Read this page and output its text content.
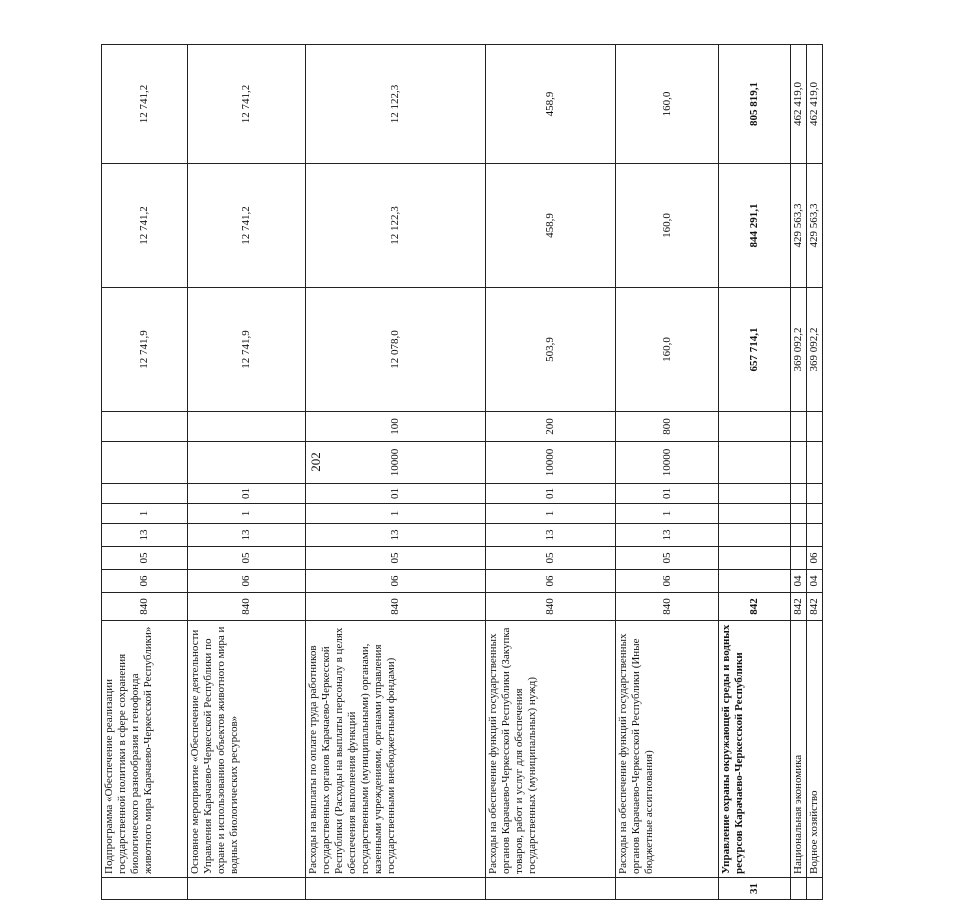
202
	Подпрограмма «Обеспечение реализации государственной политики в сфере сохранения биологического разнообразия и генофонда животного мира Карачаево-Черкесской Республики»	840	06	05	13	1				12 741,9	12 741,2	12 741,2
	Основное мероприятие «Обеспечение деятельности Управления Карачаево-Черкесской Республики по охране и использованию объектов животного мира и водных биологических ресурсов»	840	06	05	13	1	01			12 741,9	12 741,2	12 741,2
	Расходы на выплаты по оплате труда работников государственных органов Карачаево-Черкесской Республики (Расходы на выплаты персоналу в целях обеспечения выполнения функций государственными (муниципальными) органами, казенными учреждениями, органами управления государственными внебюджетными фондами)	840	06	05	13	1	01	10000	100	12 078,0	12 122,3	12 122,3
	Расходы на обеспечение функций государственных органов Карачаево-Черкесской Республики (Закупка товаров, работ и услуг для обеспечения государственных (муниципальных) нужд)	840	06	05	13	1	01	10000	200	503,9	458,9	458,9
	Расходы на обеспечение функций государственных органов Карачаево-Черкесской Республики (Иные бюджетные ассигнования)	840	06	05	13	1	01	10000	800	160,0	160,0	160,0
31	Управление охраны окружающей среды и водных ресурсов Карачаево-Черкесской Республики	842								657 714,1	844 291,1	805 819,1
	Национальная экономика	842	04							369 092,2	429 563,3	462 419,0
	Водное хозяйство	842	04	06						369 092,2	429 563,3	462 419,0
